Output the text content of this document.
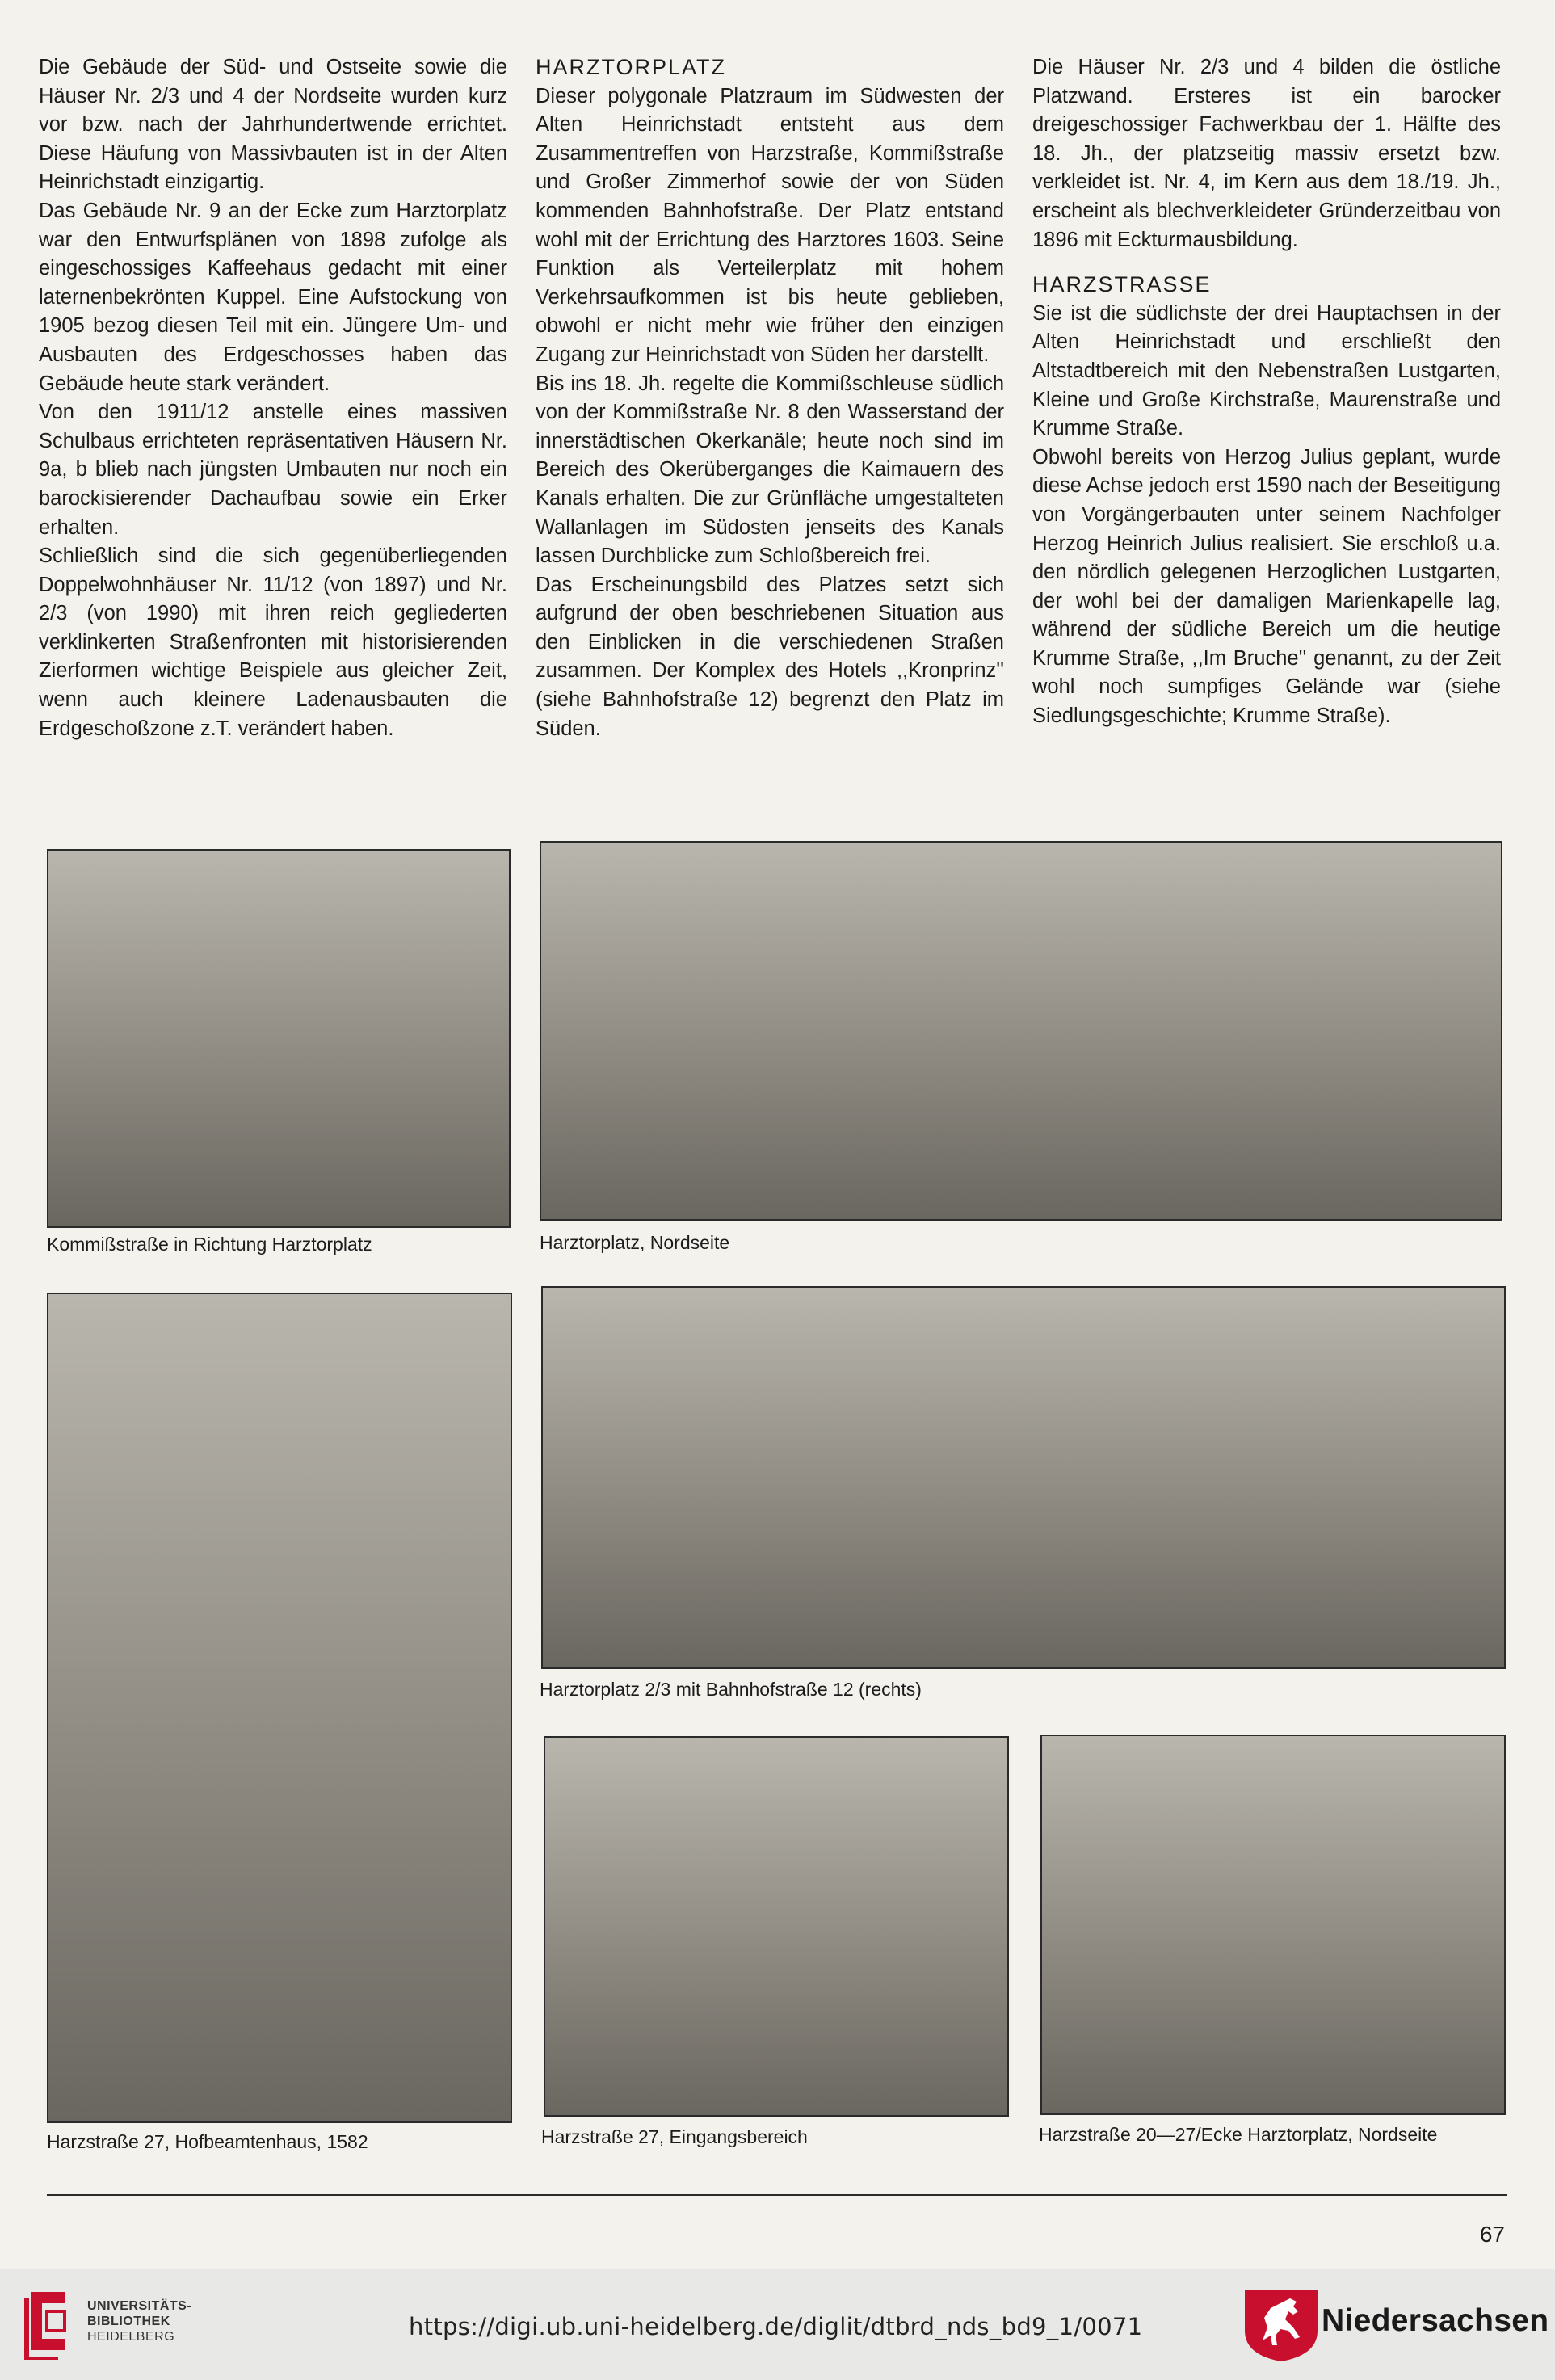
Die Gebäude der Süd- und Ostseite sowie die Häuser Nr. 2/3 und 4 der Nordseite wurden kurz vor bzw. nach der Jahrhundertwende errichtet. Diese Häufung von Massivbauten ist in der Alten Heinrichstadt einzigartig.

Das Gebäude Nr. 9 an der Ecke zum Harztorplatz war den Entwurfsplänen von 1898 zufolge als eingeschossiges Kaffeehaus gedacht mit einer laternenbekrönten Kuppel. Eine Aufstockung von 1905 bezog diesen Teil mit ein. Jüngere Um- und Ausbauten des Erdgeschosses haben das Gebäude heute stark verändert.

Von den 1911/12 anstelle eines massiven Schulbaus errichteten repräsentativen Häusern Nr. 9a, b blieb nach jüngsten Umbauten nur noch ein barockisierender Dachaufbau sowie ein Erker erhalten.

Schließlich sind die sich gegenüberliegenden Doppelwohnhäuser Nr. 11/12 (von 1897) und Nr. 2/3 (von 1990) mit ihren reich gegliederten verklinkerten Straßenfronten mit historisierenden Zierformen wichtige Beispiele aus gleicher Zeit, wenn auch kleinere Ladenausbauten die Erdgeschoßzone z.T. verändert haben.

HARZTORPLATZ

Dieser polygonale Platzraum im Südwesten der Alten Heinrichstadt entsteht aus dem Zusammentreffen von Harzstraße, Kommißstraße und Großer Zimmerhof sowie der von Süden kommenden Bahnhofstraße. Der Platz entstand wohl mit der Errichtung des Harztores 1603. Seine Funktion als Verteilerplatz mit hohem Verkehrsaufkommen ist bis heute geblieben, obwohl er nicht mehr wie früher den einzigen Zugang zur Heinrichstadt von Süden her darstellt.

Bis ins 18. Jh. regelte die Kommißschleuse südlich von der Kommißstraße Nr. 8 den Wasserstand der innerstädtischen Okerkanäle; heute noch sind im Bereich des Okerüberganges die Kaimauern des Kanals erhalten. Die zur Grünfläche umgestalteten Wallanlagen im Südosten jenseits des Kanals lassen Durchblicke zum Schloßbereich frei.

Das Erscheinungsbild des Platzes setzt sich aufgrund der oben beschriebenen Situation aus den Einblicken in die verschiedenen Straßen zusammen. Der Komplex des Hotels ,,Kronprinz'' (siehe Bahnhofstraße 12) begrenzt den Platz im Süden.

Die Häuser Nr. 2/3 und 4 bilden die östliche Platzwand. Ersteres ist ein barocker dreigeschossiger Fachwerkbau der 1. Hälfte des 18. Jh., der platzseitig massiv ersetzt bzw. verkleidet ist. Nr. 4, im Kern aus dem 18./19. Jh., erscheint als blechverkleideter Gründerzeitbau von 1896 mit Eckturmausbildung.

HARZSTRASSE

Sie ist die südlichste der drei Hauptachsen in der Alten Heinrichstadt und erschließt den Altstadtbereich mit den Nebenstraßen Lustgarten, Kleine und Große Kirchstraße, Maurenstraße und Krumme Straße.

Obwohl bereits von Herzog Julius geplant, wurde diese Achse jedoch erst 1590 nach der Beseitigung von Vorgängerbauten unter seinem Nachfolger Herzog Heinrich Julius realisiert. Sie erschloß u.a. den nördlich gelegenen Herzoglichen Lustgarten, der wohl bei der damaligen Marienkapelle lag, während der südliche Bereich um die heutige Krumme Straße, ,,Im Bruche'' genannt, zu der Zeit wohl noch sumpfiges Gelände war (siehe Siedlungsgeschichte; Krumme Straße).

Kommißstraße in Richtung Harztorplatz	Harztorplatz, Nordseite
Harzstraße 27, Hofbeamtenhaus, 1582
Harztorplatz 2/3 mit Bahnhofstraße 12 (rechts)
Harzstraße 27, Eingangsbereich	Harzstraße 20—27/Ecke Harztorplatz, Nordseite
67
UNIVERSITÄTS-
BIBLIOTHEK
HEIDELBERG	https://digi.ub.uni-heidelberg.de/diglit/dtbrd_nds_bd9_1/0071	Niedersachsen
